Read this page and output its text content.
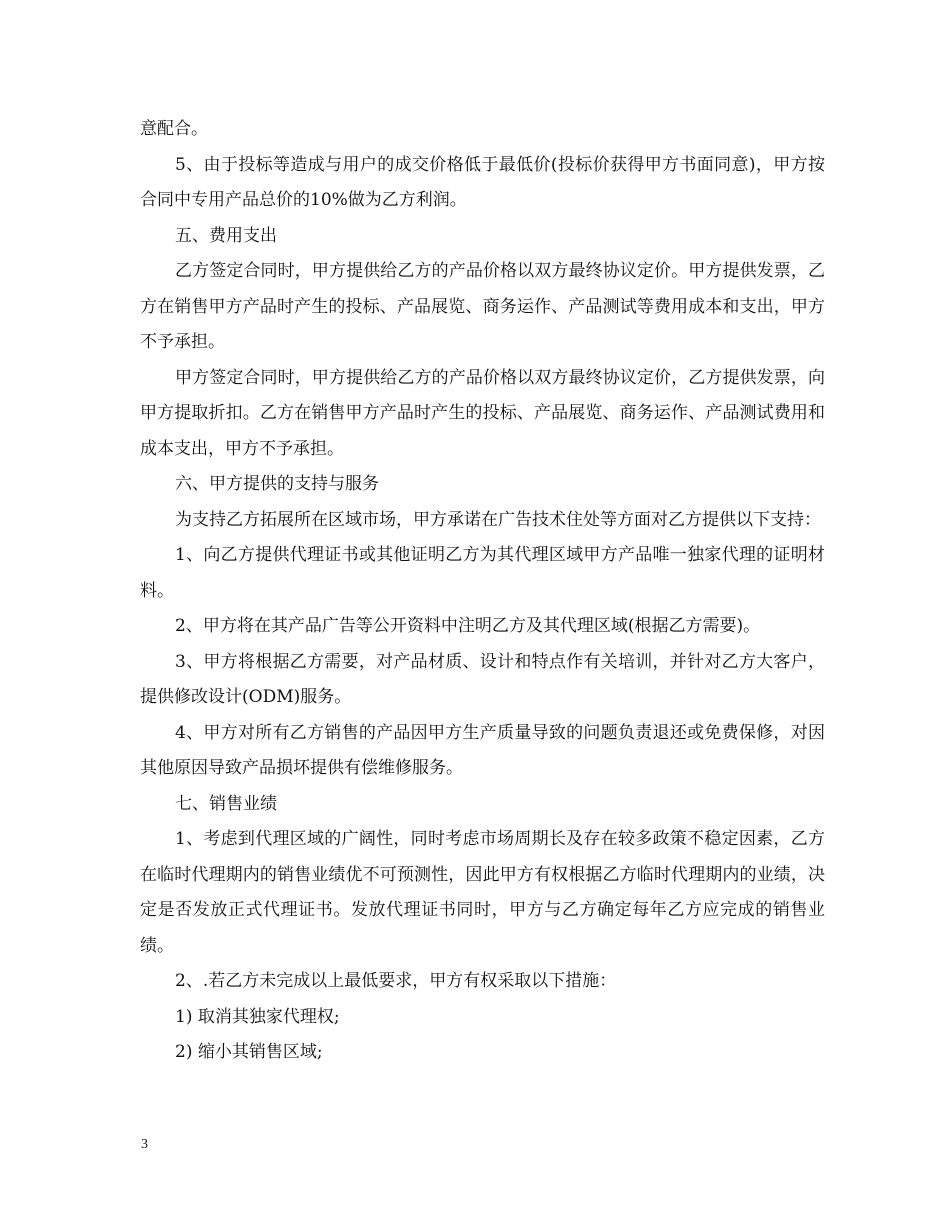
意配合。

5、由于投标等造成与用户的成交价格低于最低价(投标价获得甲方书面同意)，甲方按合同中专用产品总价的10%做为乙方利润。

五、费用支出

乙方签定合同时，甲方提供给乙方的产品价格以双方最终协议定价。甲方提供发票，乙方在销售甲方产品时产生的投标、产品展览、商务运作、产品测试等费用成本和支出，甲方不予承担。

甲方签定合同时，甲方提供给乙方的产品价格以双方最终协议定价，乙方提供发票，向甲方提取折扣。乙方在销售甲方产品时产生的投标、产品展览、商务运作、产品测试费用和成本支出，甲方不予承担。

六、甲方提供的支持与服务

为支持乙方拓展所在区域市场，甲方承诺在广告技术住处等方面对乙方提供以下支持：

1、向乙方提供代理证书或其他证明乙方为其代理区域甲方产品唯一独家代理的证明材料。

2、甲方将在其产品广告等公开资料中注明乙方及其代理区域(根据乙方需要)。

3、甲方将根据乙方需要，对产品材质、设计和特点作有关培训，并针对乙方大客户，提供修改设计(ODM)服务。

4、甲方对所有乙方销售的产品因甲方生产质量导致的问题负责退还或免费保修，对因其他原因导致产品损坏提供有偿维修服务。

七、销售业绩

1、考虑到代理区域的广阔性，同时考虑市场周期长及存在较多政策不稳定因素，乙方在临时代理期内的销售业绩优不可预测性，因此甲方有权根据乙方临时代理期内的业绩，决定是否发放正式代理证书。发放代理证书同时，甲方与乙方确定每年乙方应完成的销售业绩。

2、.若乙方未完成以上最低要求，甲方有权采取以下措施：

1) 取消其独家代理权;

2) 缩小其销售区域;

3
